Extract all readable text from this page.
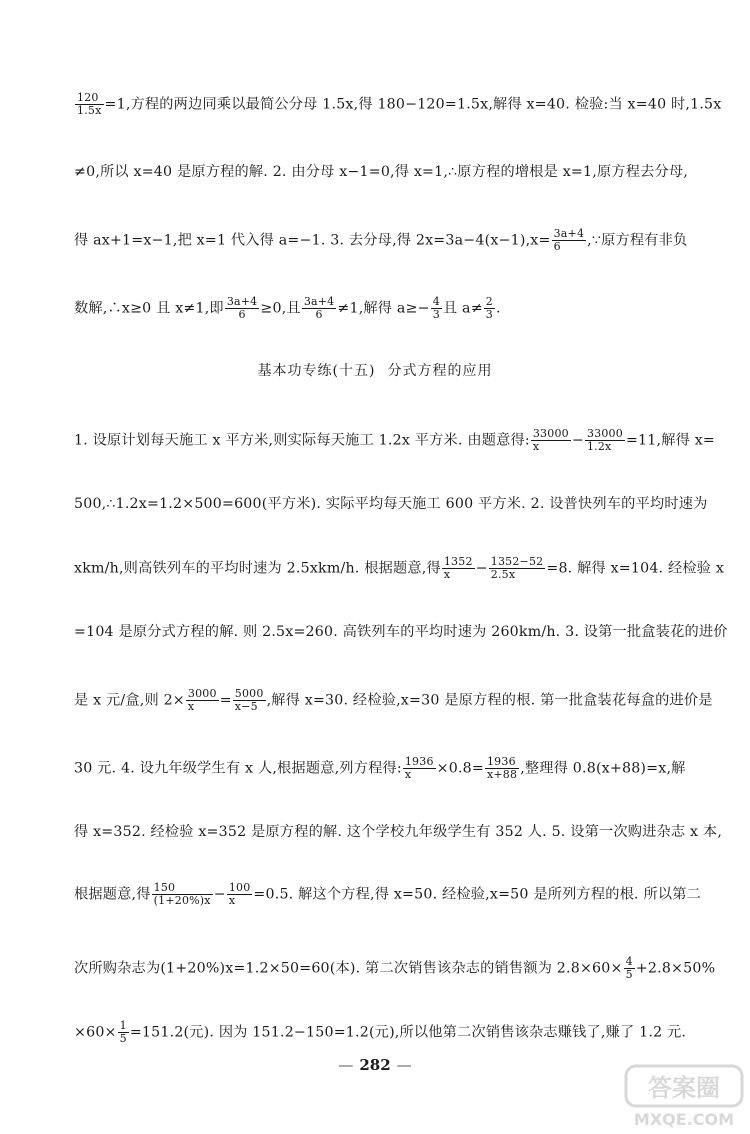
$\frac{120}{1.5x} =1$,方程的两边同乘以最简公分母 1.5x,得 180−120=1.5x,解得 x=40. 检验:当 x=40 时,1.5x
≠0,所以 x=40 是原方程的解. 2. 由分母 x−1=0,得 x=1,∴原方程的增根是 x=1,原方程去分母,
得 ax+1=x−1,把 x=1 代入得 a=−1. 3. 去分母,得 $2x=3a-4(x-1),x= \frac{3a+4}{6}$ ,∵原方程有非负
数解,∴x≥0 且 x≠1,即 $\frac{3a+4}{6} \ge 0$,且 $\frac{3a+4}{6} \ne 1$,解得 $a\ge- \frac{4}{3}$ 且 $a\ne \frac{2}{3}$ .
基本功专练(十五) 分式方程的应用
1. 设原计划每天施工 x 平方米,则实际每天施工 1.2x 平方米. 由题意得: $\frac{33000}{x} - \frac{33000}{1.2x} =11$,解得 x=
500,∴1.2x=1.2×500=600(平方米). 实际平均每天施工 600 平方米. 2. 设普快列车的平均时速为
xkm/h,则高铁列车的平均时速为 2.5xkm/h. 根据题意,得 $\frac{1352}{x} - \frac{1352-52}{2.5x} =8$. 解得 x=104. 经检验 x
=104 是原分式方程的解. 则 2.5x=260. 高铁列车的平均时速为 260km/h. 3. 设第一批盒装花的进价
是 x 元/盒,则 $2\times \frac{3000}{x} = \frac{5000}{x-5}$ ,解得 x=30. 经检验,x=30 是原方程的根. 第一批盒装花每盒的进价是
30 元. 4. 设九年级学生有 x 人,根据题意,列方程得: $\frac{1936}{x} \times 0.8= \frac{1936}{x+88}$ ,整理得 0.8(x+88)=x,解
得 x=352. 经检验 x=352 是原方程的解. 这个学校九年级学生有 352 人. 5. 设第一次购进杂志 x 本,
根据题意,得 $\frac{150}{(1+20\%)x} - \frac{100}{x} =0.5$. 解这个方程,得 x=50. 经检验,x=50 是所列方程的根. 所以第二
次所购杂志为(1+20%)x=1.2×50=60(本). 第二次销售该杂志的销售额为 $2.8\times 60\times \frac{4}{5} +2.8\times 50\%$
$\times 60\times \frac{1}{5} =151.2$(元). 因为 151.2−150=1.2(元),所以他第二次销售该杂志赚钱了,赚了 1.2 元.
— 282 —
答案圈
MXQE.COM
